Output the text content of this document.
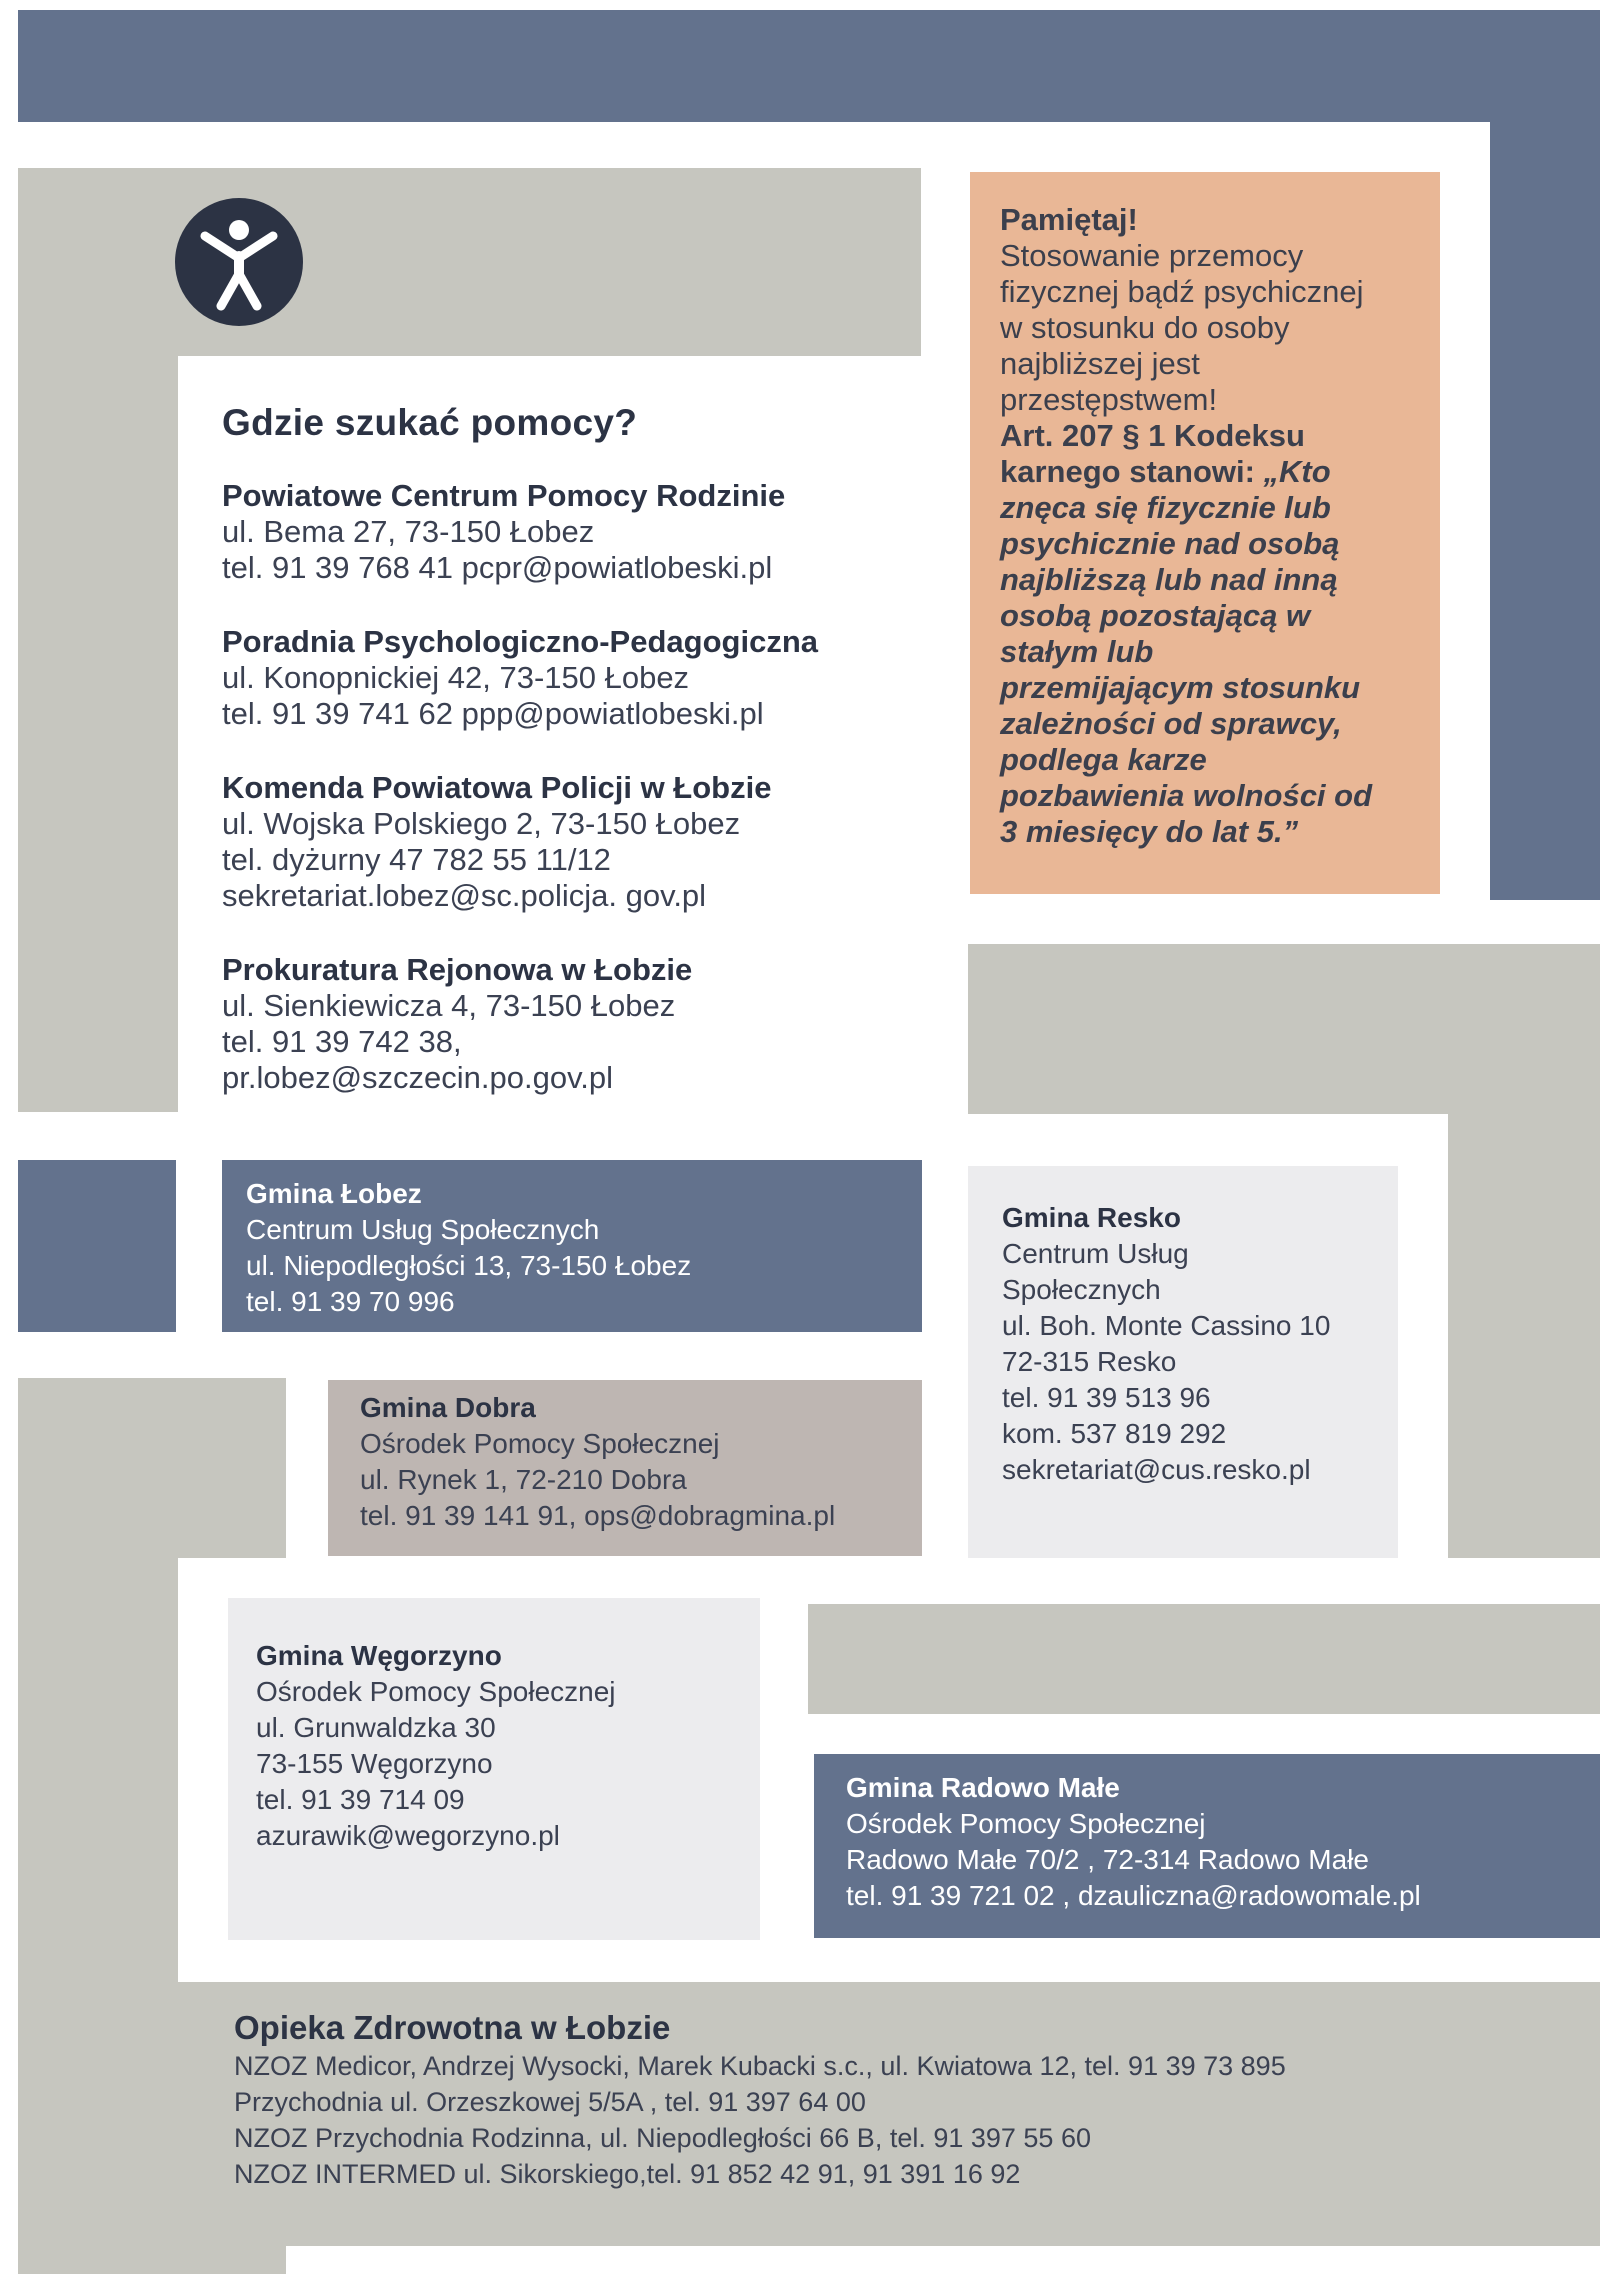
Gdzie szukać pomocy?
Powiatowe Centrum Pomocy Rodzinie
ul. Bema 27, 73-150 Łobez
tel. 91 39 768 41 pcpr@powiatlobeski.pl
Poradnia Psychologiczno-Pedagogiczna
ul. Konopnickiej 42, 73-150 Łobez
tel. 91 39 741 62 ppp@powiatlobeski.pl
Komenda Powiatowa Policji w Łobzie
ul. Wojska Polskiego 2, 73-150 Łobez
tel. dyżurny 47 782 55 11/12
sekretariat.lobez@sc.policja. gov.pl
Prokuratura Rejonowa w Łobzie
ul. Sienkiewicza 4, 73-150 Łobez
tel. 91 39 742 38,
pr.lobez@szczecin.po.gov.pl
Pamiętaj!
Stosowanie przemocy
fizycznej bądź psychicznej
w stosunku do osoby
najbliższej jest
przestępstwem!
Art. 207 § 1 Kodeksu
karnego stanowi: „Kto
znęca się fizycznie lub
psychicznie nad osobą
najbliższą lub nad inną
osobą pozostającą w
stałym lub
przemijającym stosunku
zależności od sprawcy,
podlega karze
pozbawienia wolności od
3 miesięcy do lat 5.”
Gmina Łobez
Centrum Usług Społecznych
ul. Niepodległości 13, 73-150 Łobez
tel. 91 39 70 996
Gmina Dobra
Ośrodek Pomocy Społecznej
ul. Rynek 1, 72-210 Dobra
tel. 91 39 141 91, ops@dobragmina.pl
Gmina Resko
Centrum Usług
Społecznych
ul. Boh. Monte Cassino 10
72-315 Resko
tel. 91 39 513 96
kom. 537 819 292
sekretariat@cus.resko.pl
Gmina Węgorzyno
Ośrodek Pomocy Społecznej
ul. Grunwaldzka 30
73-155 Węgorzyno
tel. 91 39 714 09
azurawik@wegorzyno.pl
Gmina Radowo Małe
Ośrodek Pomocy Społecznej
Radowo Małe 70/2 , 72-314 Radowo Małe
tel. 91 39 721 02 , dzauliczna@radowomale.pl
Opieka Zdrowotna w Łobzie
NZOZ Medicor, Andrzej Wysocki, Marek Kubacki s.c., ul. Kwiatowa 12, tel. 91 39 73 895
Przychodnia ul. Orzeszkowej 5/5A , tel. 91 397 64 00
NZOZ Przychodnia Rodzinna, ul. Niepodległości 66 B, tel. 91 397 55 60
NZOZ INTERMED ul. Sikorskiego,tel. 91 852 42 91, 91 391 16 92
